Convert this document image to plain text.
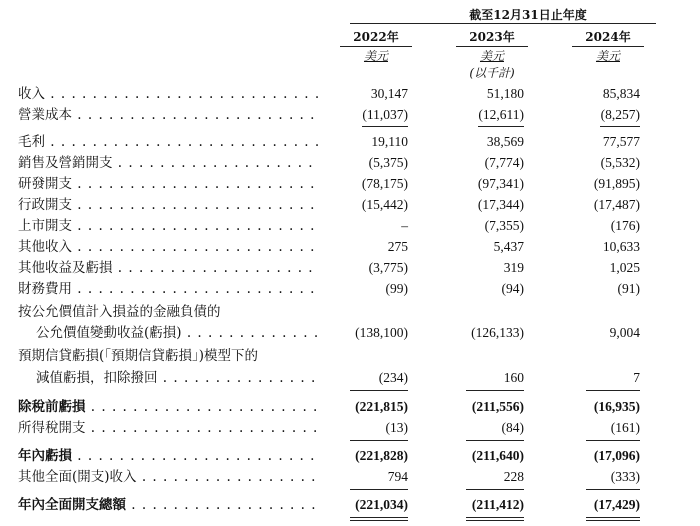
截至12月31日止年度
2022年	2023年	2024年
美元	美元	美元
(以千計)
收入 . . .	30,147	51,180	85,834
營業成本 . . .	(11,037)	(12,611)	(8,257)
毛利 . . .	19,110	38,569	77,577
銷售及營銷開支 . . .	(5,375)	(7,774)	(5,532)
研發開支 . . .	(78,175)	(97,341)	(91,895)
行政開支 . . .	(15,442)	(17,344)	(17,487)
上市開支 . . .	–	(7,355)	(176)
其他收入 . . .	275	5,437	10,633
其他收益及虧損 . . .	(3,775)	319	1,025
財務費用 . . .	(99)	(94)	(91)
按公允價值計入損益的金融負債的
公允價值變動收益(虧損) . . .	(138,100)	(126,133)	9,004
預期信貸虧損(「預期信貸虧損」)模型下的
減值虧損，扣除撥回 . . .	(234)	160	7
除稅前虧損 . . .	(221,815)	(211,556)	(16,935)
所得稅開支 . . .	(13)	(84)	(161)
年內虧損 . . .	(221,828)	(211,640)	(17,096)
其他全面(開支)收入 . . .	794	228	(333)
年內全面開支總額 . . .	(221,034)	(211,412)	(17,429)
